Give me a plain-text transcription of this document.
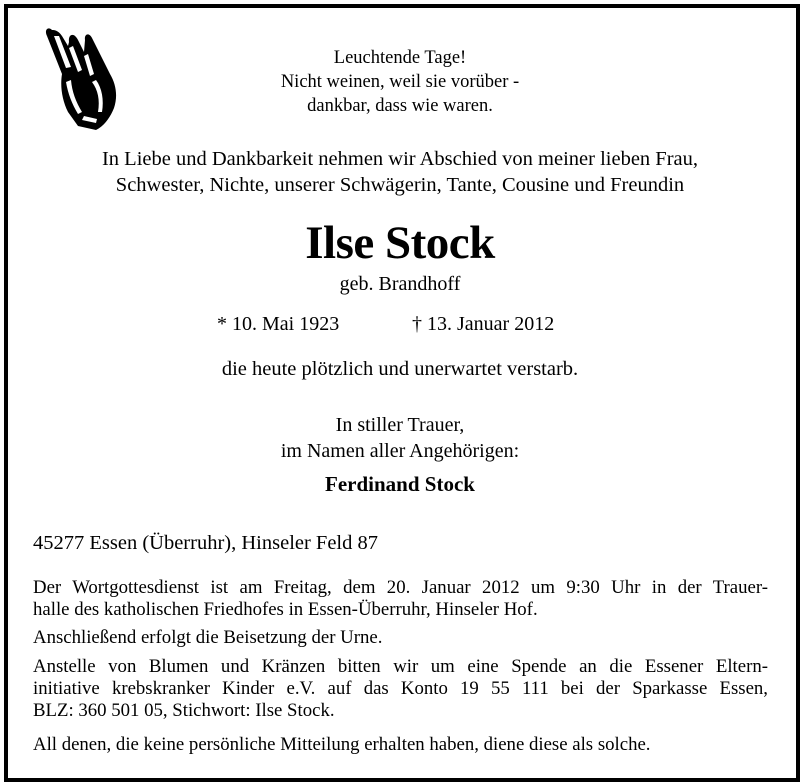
Leuchtende Tage!
Nicht weinen, weil sie vorüber -
dankbar, dass wie waren.
In Liebe und Dankbarkeit nehmen wir Abschied von meiner lieben Frau,
Schwester, Nichte, unserer Schwägerin, Tante, Cousine und Freundin
Ilse Stock
geb. Brandhoff
* 10. Mai 1923	† 13. Januar 2012
die heute plötzlich und unerwartet verstarb.
In stiller Trauer,
im Namen aller Angehörigen:
Ferdinand Stock
45277 Essen (Überruhr), Hinseler Feld 87
Der Wortgottesdienst ist am Freitag, dem 20. Januar 2012 um 9:30 Uhr in der Trauer-
halle des katholischen Friedhofes in Essen-Überruhr, Hinseler Hof.
Anschließend erfolgt die Beisetzung der Urne.
Anstelle von Blumen und Kränzen bitten wir um eine Spende an die Essener Eltern-
initiative krebskranker Kinder e.V. auf das Konto 19 55 111 bei der Sparkasse Essen,
BLZ: 360 501 05, Stichwort: Ilse Stock.
All denen, die keine persönliche Mitteilung erhalten haben, diene diese als solche.
